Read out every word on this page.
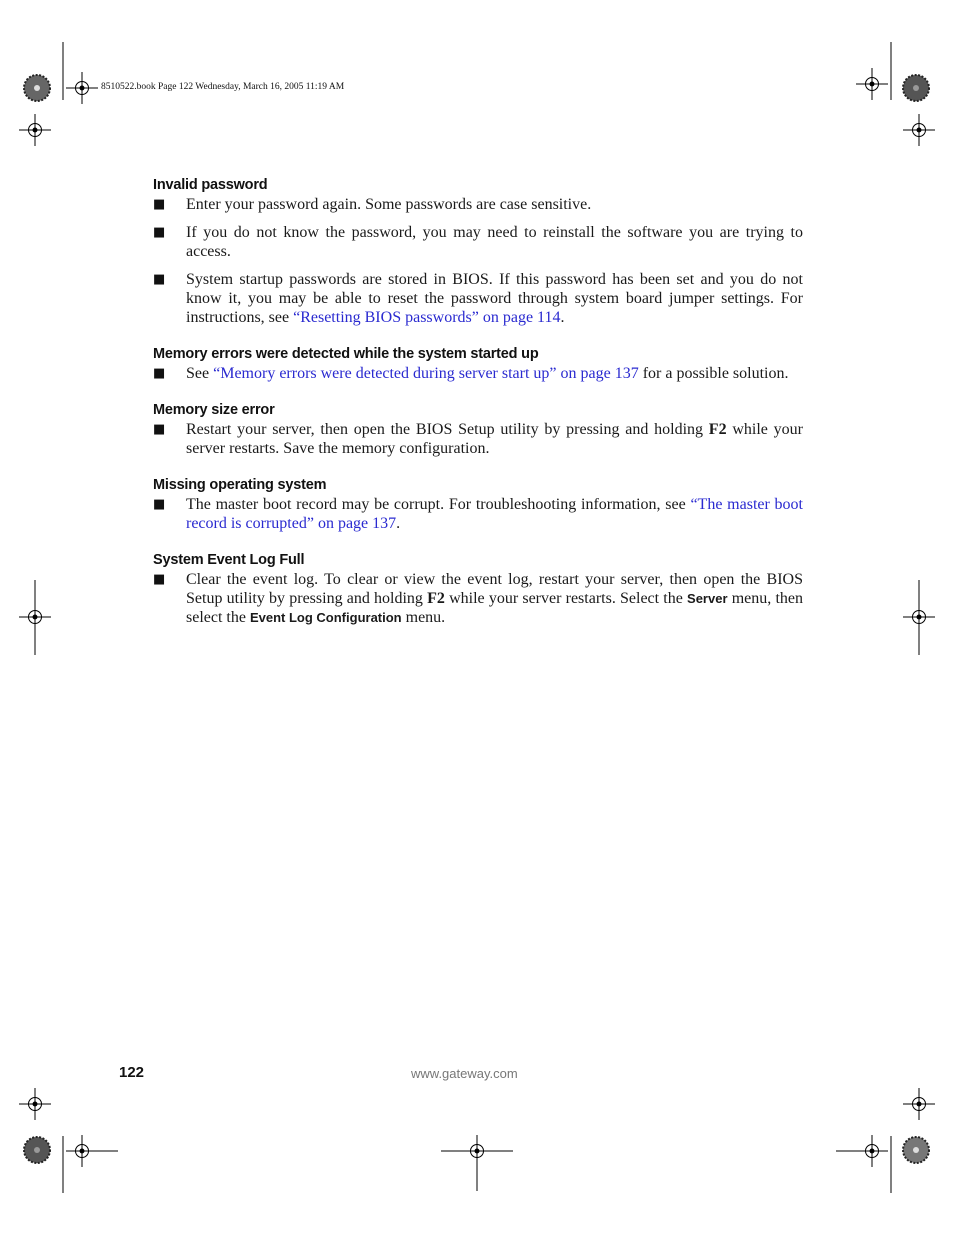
8510522.book Page 122 Wednesday, March 16, 2005 11:19 AM
Invalid password
■ Enter your password again. Some passwords are case sensitive.
■ If you do not know the password, you may need to reinstall the software you are trying to access.
■ System startup passwords are stored in BIOS. If this password has been set and you do not know it, you may be able to reset the password through system board jumper settings. For instructions, see “Resetting BIOS passwords” on page 114.
Memory errors were detected while the system started up
■ See “Memory errors were detected during server start up” on page 137 for a possible solution.
Memory size error
■ Restart your server, then open the BIOS Setup utility by pressing and holding F2 while your server restarts. Save the memory configuration.
Missing operating system
■ The master boot record may be corrupt. For troubleshooting information, see “The master boot record is corrupted” on page 137.
System Event Log Full
■ Clear the event log. To clear or view the event log, restart your server, then open the BIOS Setup utility by pressing and holding F2 while your server restarts. Select the Server menu, then select the Event Log Configuration menu.
122	www.gateway.com
